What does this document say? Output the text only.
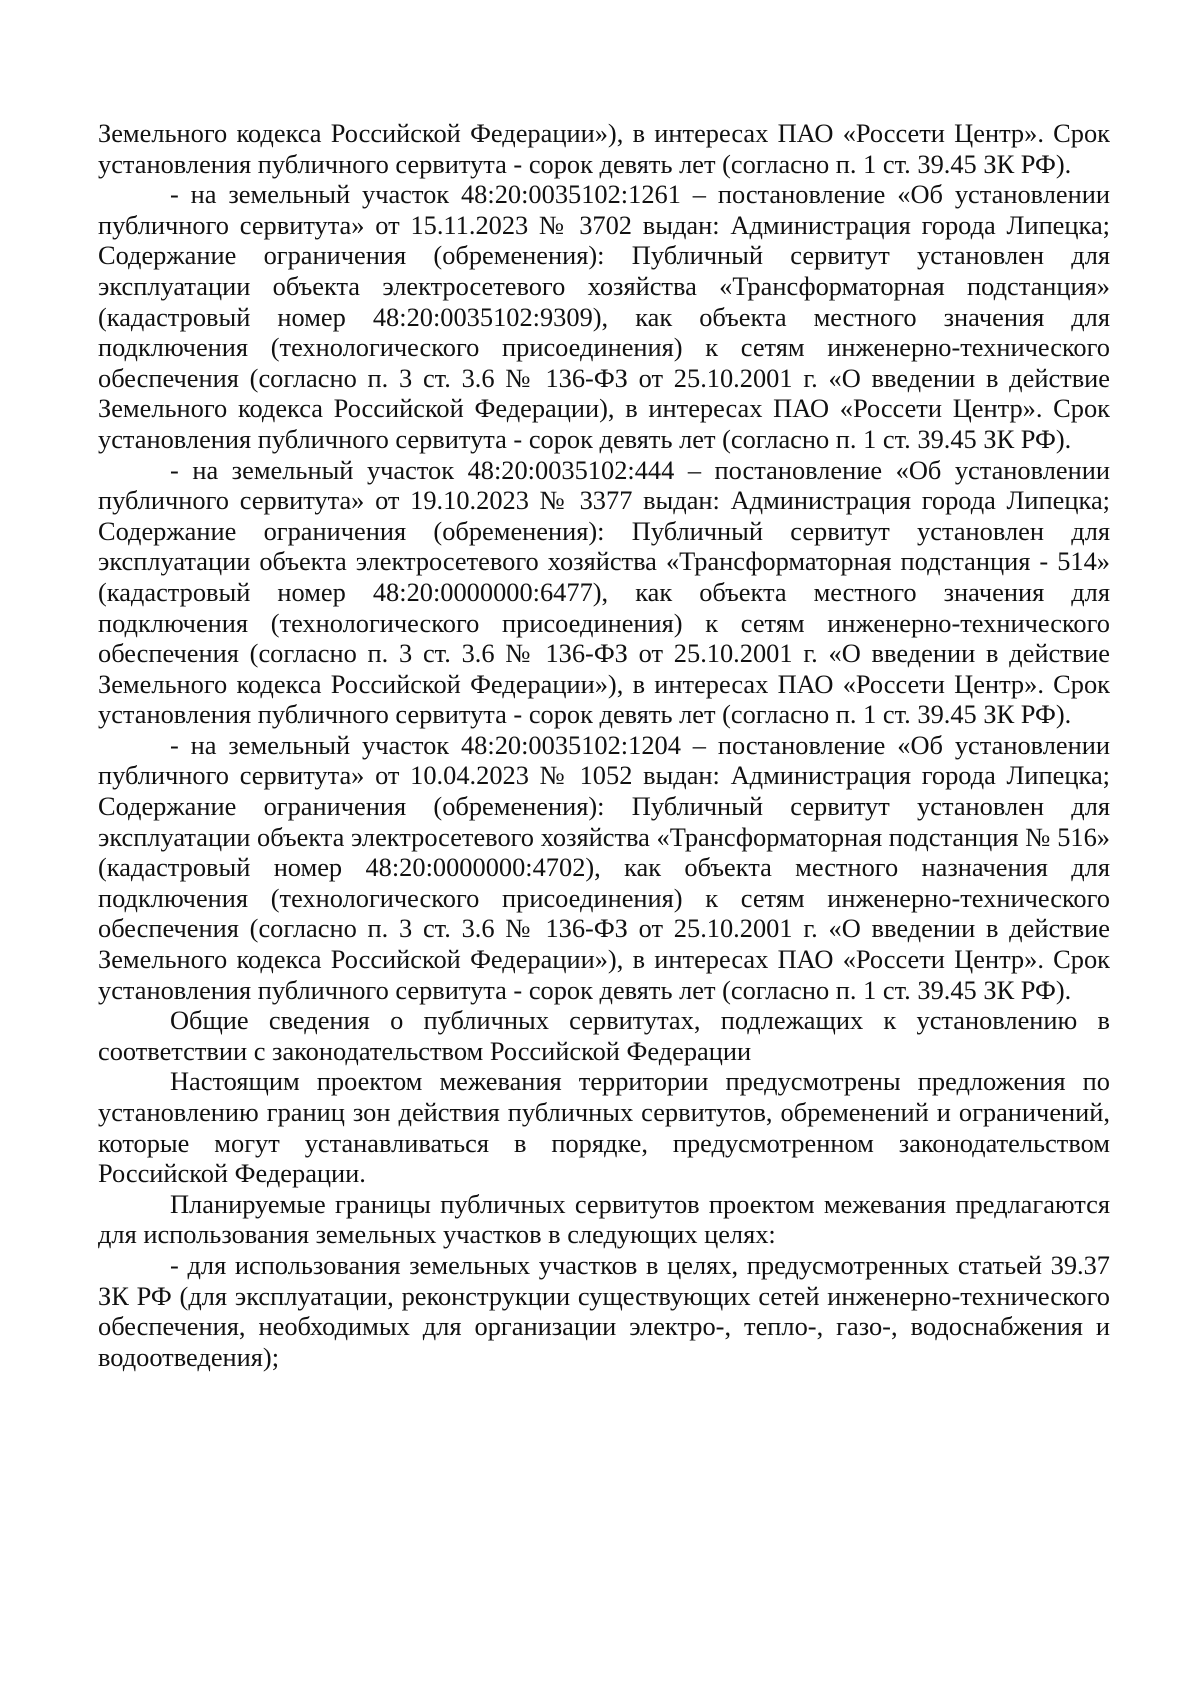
Земельного кодекса Российской Федерации»), в интересах ПАО «Россети Центр». Срок установления публичного сервитута - сорок девять лет (согласно п. 1 ст. 39.45 ЗК РФ).

- на земельный участок 48:20:0035102:1261 – постановление «Об установлении публичного сервитута» от 15.11.2023 № 3702 выдан: Администрация города Липецка; Содержание ограничения (обременения): Публичный сервитут установлен для эксплуатации объекта электросетевого хозяйства «Трансформаторная подстанция» (кадастровый номер 48:20:0035102:9309), как объекта местного значения для подключения (технологического присоединения) к сетям инженерно-технического обеспечения (согласно п. 3 ст. 3.6 № 136-ФЗ от 25.10.2001 г. «О введении в действие Земельного кодекса Российской Федерации), в интересах ПАО «Россети Центр». Срок установления публичного сервитута - сорок девять лет (согласно п. 1 ст. 39.45 ЗК РФ).

- на земельный участок 48:20:0035102:444 – постановление «Об установлении публичного сервитута» от 19.10.2023 № 3377 выдан: Администрация города Липецка; Содержание ограничения (обременения): Публичный сервитут установлен для эксплуатации объекта электросетевого хозяйства «Трансформаторная подстанция - 514» (кадастровый номер 48:20:0000000:6477), как объекта местного значения для подключения (технологического присоединения) к сетям инженерно-технического обеспечения (согласно п. 3 ст. 3.6 № 136-ФЗ от 25.10.2001 г. «О введении в действие Земельного кодекса Российской Федерации»), в интересах ПАО «Россети Центр». Срок установления публичного сервитута - сорок девять лет (согласно п. 1 ст. 39.45 ЗК РФ).

- на земельный участок 48:20:0035102:1204 – постановление «Об установлении публичного сервитута» от 10.04.2023 № 1052 выдан: Администрация города Липецка; Содержание ограничения (обременения): Публичный сервитут установлен для эксплуатации объекта электросетевого хозяйства «Трансформаторная подстанция № 516» (кадастровый номер 48:20:0000000:4702), как объекта местного назначения для подключения (технологического присоединения) к сетям инженерно-технического обеспечения (согласно п. 3 ст. 3.6 № 136-ФЗ от 25.10.2001 г. «О введении в действие Земельного кодекса Российской Федерации»), в интересах ПАО «Россети Центр». Срок установления публичного сервитута - сорок девять лет (согласно п. 1 ст. 39.45 ЗК РФ).

Общие сведения о публичных сервитутах, подлежащих к установлению в соответствии с законодательством Российской Федерации

Настоящим проектом межевания территории предусмотрены предложения по установлению границ зон действия публичных сервитутов, обременений и ограничений, которые могут устанавливаться в порядке, предусмотренном законодательством Российской Федерации.

Планируемые границы публичных сервитутов проектом межевания предлагаются для использования земельных участков в следующих целях:

- для использования земельных участков в целях, предусмотренных статьей 39.37 ЗК РФ (для эксплуатации, реконструкции существующих сетей инженерно-технического обеспечения, необходимых для организации электро-, тепло-, газо-, водоснабжения и водоотведения);
